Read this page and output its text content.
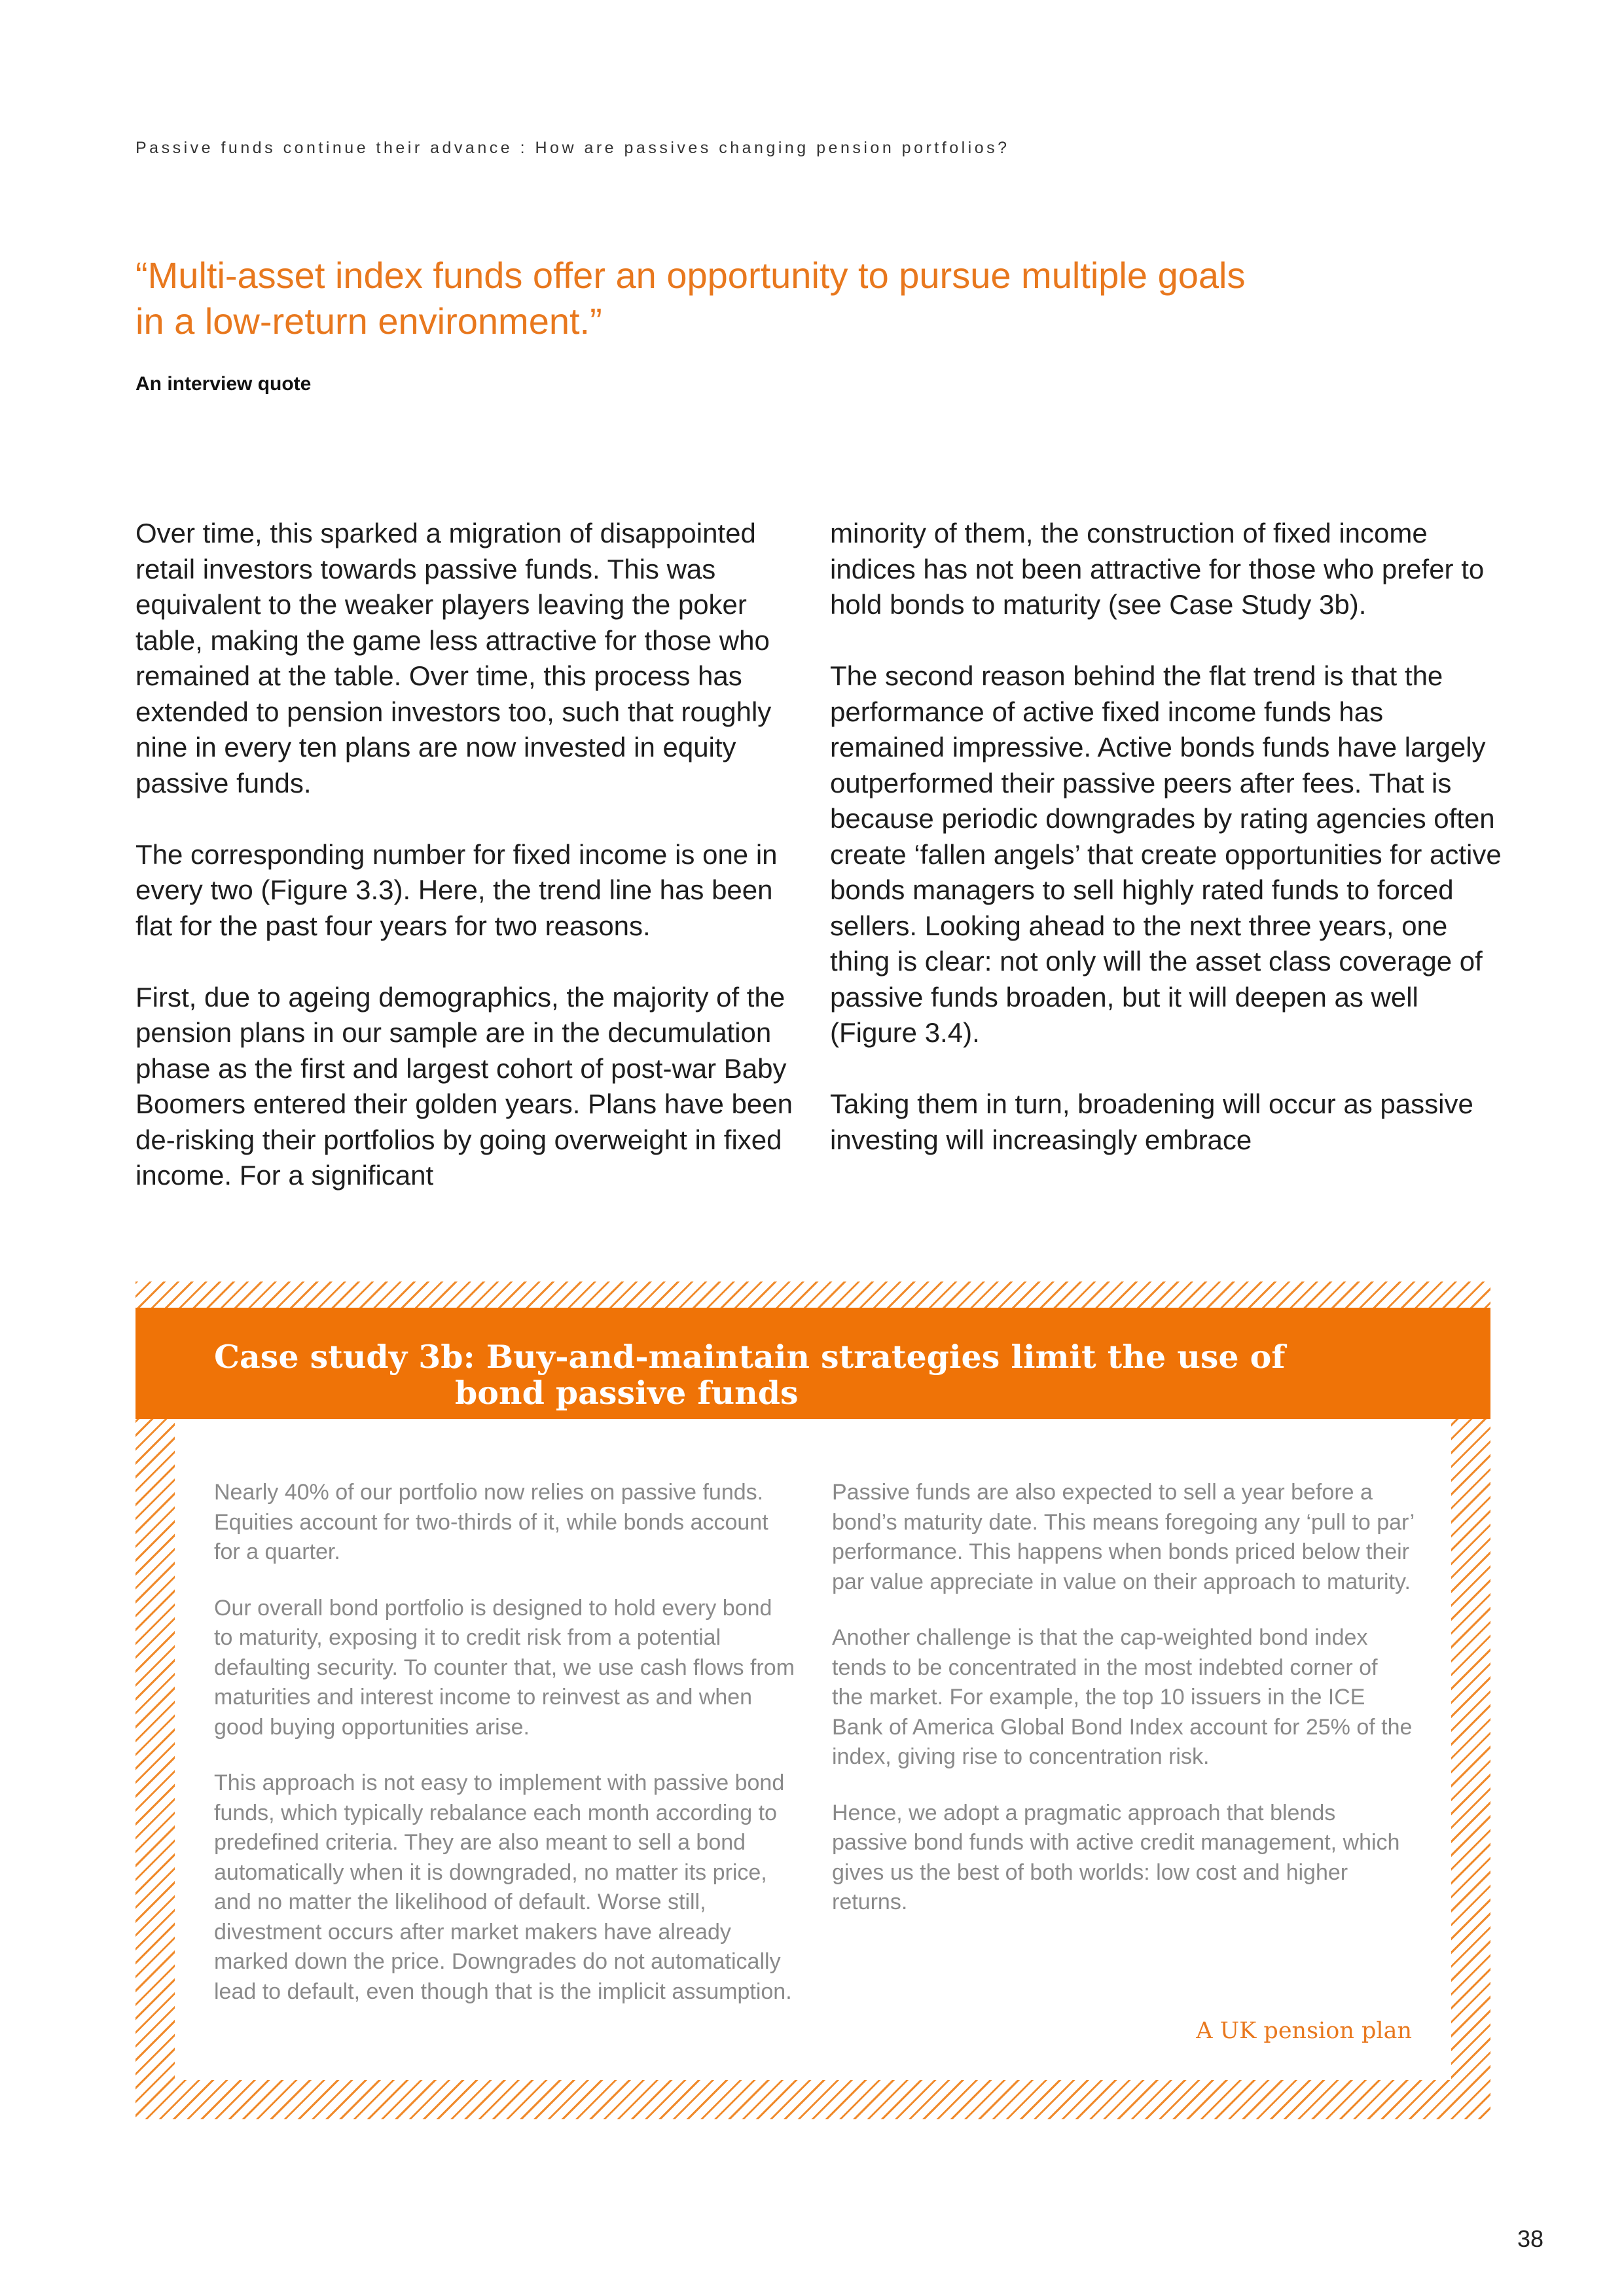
Passive funds continue their advance : How are passives changing pension portfolios?
“Multi-asset index funds offer an opportunity to pursue multiple goals in a low-return environment.”
An interview quote

Over time, this sparked a migration of disappointed retail investors towards passive funds. This was equivalent to the weaker players leaving the poker table, making the game less attractive for those who remained at the table. Over time, this process has extended to pension investors too, such that roughly nine in every ten plans are now invested in equity passive funds.

The corresponding number for fixed income is one in every two (Figure 3.3). Here, the trend line has been flat for the past four years for two reasons.

First, due to ageing demographics, the majority of the pension plans in our sample are in the decumulation phase as the first and largest cohort of post-war Baby Boomers entered their golden years. Plans have been de-risking their portfolios by going overweight in fixed income. For a significant

minority of them, the construction of fixed income indices has not been attractive for those who prefer to hold bonds to maturity (see Case Study 3b).

The second reason behind the flat trend is that the performance of active fixed income funds has remained impressive. Active bonds funds have largely outperformed their passive peers after fees. That is because periodic downgrades by rating agencies often create ‘fallen angels’ that create opportunities for active bonds managers to sell highly rated funds to forced sellers. Looking ahead to the next three years, one thing is clear: not only will the asset class coverage of passive funds broaden, but it will deepen as well (Figure 3.4).

Taking them in turn, broadening will occur as passive investing will increasingly embrace

Case study 3b: Buy-and-maintain strategies limit the use of
bond passive funds

Nearly 40% of our portfolio now relies on passive funds. Equities account for two-thirds of it, while bonds account for a quarter.

Our overall bond portfolio is designed to hold every bond to maturity, exposing it to credit risk from a potential defaulting security. To counter that, we use cash flows from maturities and interest income to reinvest as and when good buying opportunities arise.

This approach is not easy to implement with passive bond funds, which typically rebalance each month according to predefined criteria. They are also meant to sell a bond automatically when it is downgraded, no matter its price, and no matter the likelihood of default. Worse still, divestment occurs after market makers have already marked down the price. Downgrades do not automatically lead to default, even though that is the implicit assumption.

Passive funds are also expected to sell a year before a bond’s maturity date. This means foregoing any ‘pull to par’ performance. This happens when bonds priced below their par value appreciate in value on their approach to maturity.

Another challenge is that the cap-weighted bond index tends to be concentrated in the most indebted corner of the market. For example, the top 10 issuers in the ICE Bank of America Global Bond Index account for 25% of the index, giving rise to concentration risk.

Hence, we adopt a pragmatic approach that blends passive bond funds with active credit management, which gives us the best of both worlds: low cost and higher returns.

A UK pension plan
38
